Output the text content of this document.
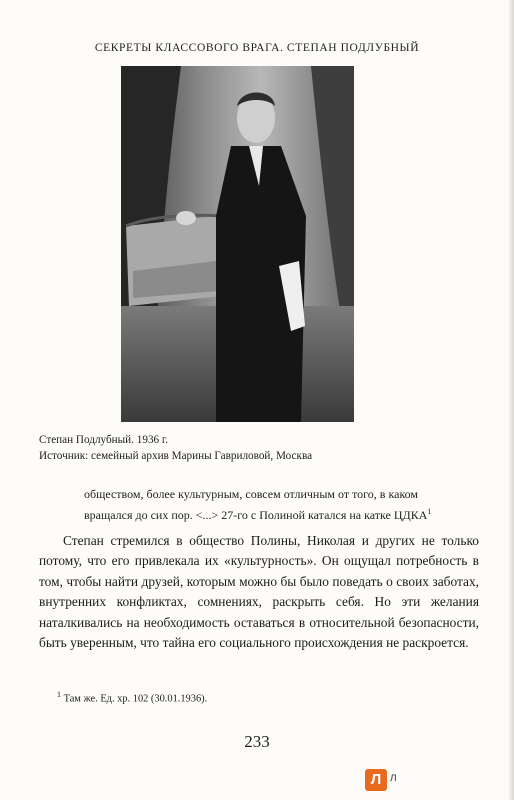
СЕКРЕТЫ КЛАССОВОГО ВРАГА. СТЕПАН ПОДЛУБНЫЙ
Степан Подлубный. 1936 г.
Источник: семейный архив Марины Гавриловой, Москва
обществом, более культурным, совсем отличным от того, в каком
вращался до сих пор. <...> 27-го с Полиной катался на катке ЦДКА$^1$
Степан стремился в общество Полины, Николая и других не только потому, что его привлекала их «культурность». Он ощущал потребность в том, чтобы найти друзей, которым можно бы было поведать о своих заботах, внутренних конфликтах, сомнениях, раскрыть себя. Но эти желания наталкивались на необходимость оставаться в относительной безопасности, быть уверенным, что тайна его социального происхождения не раскроется.
$^1$ Там же. Ед. хр. 102 (30.01.1936).
233
Л л
